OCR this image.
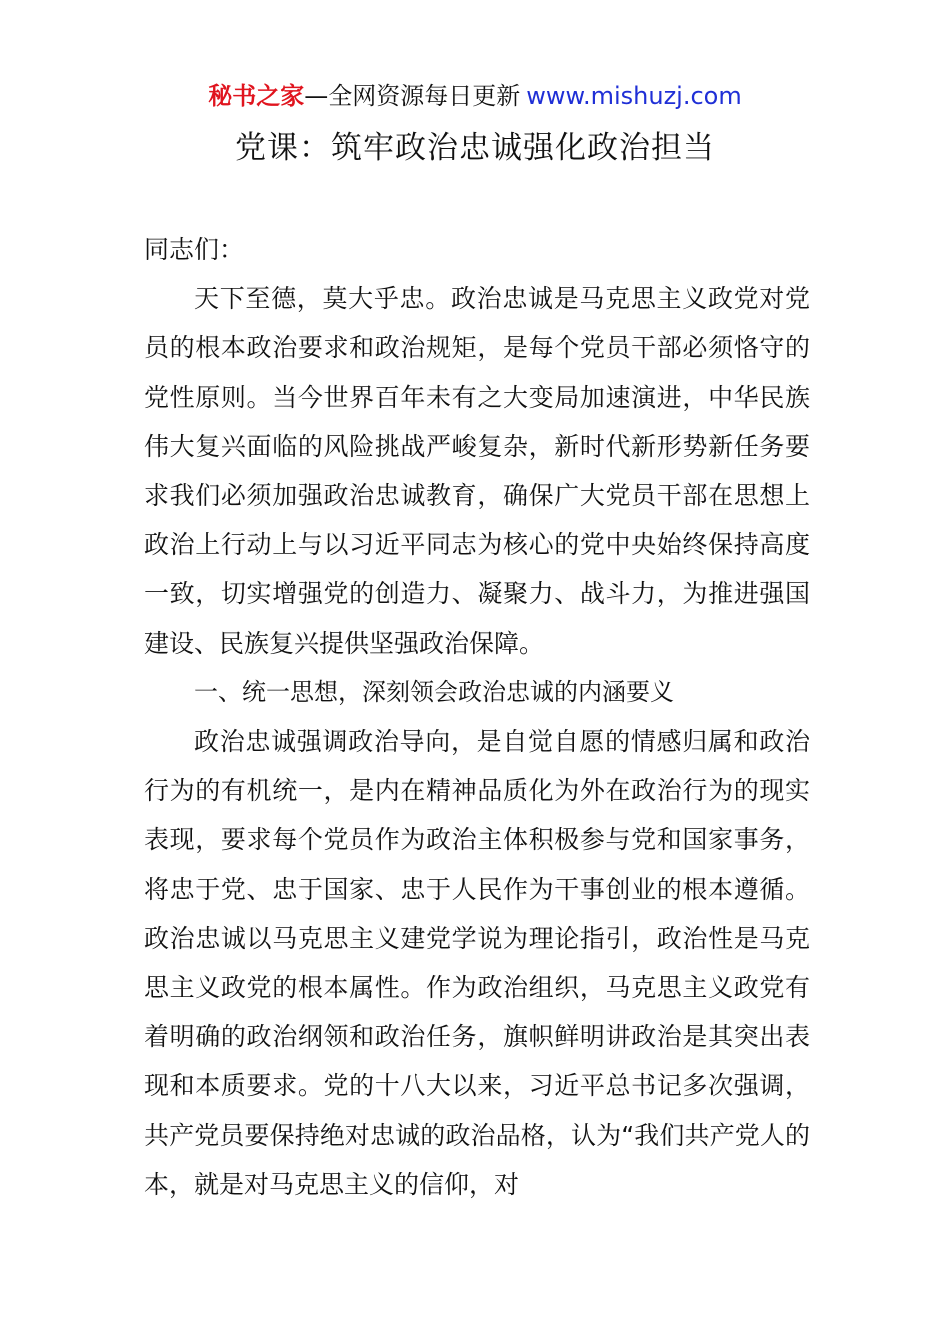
秘书之家—全网资源每日更新 www.mishuzj.com
党课：筑牢政治忠诚强化政治担当

同志们：

天下至德，莫大乎忠。政治忠诚是马克思主义政党对党员的根本政治要求和政治规矩，是每个党员干部必须恪守的党性原则。当今世界百年未有之大变局加速演进，中华民族伟大复兴面临的风险挑战严峻复杂，新时代新形势新任务要求我们必须加强政治忠诚教育，确保广大党员干部在思想上政治上行动上与以习近平同志为核心的党中央始终保持高度一致，切实增强党的创造力、凝聚力、战斗力，为推进强国建设、民族复兴提供坚强政治保障。

一、统一思想，深刻领会政治忠诚的内涵要义

政治忠诚强调政治导向，是自觉自愿的情感归属和政治行为的有机统一，是内在精神品质化为外在政治行为的现实表现，要求每个党员作为政治主体积极参与党和国家事务，将忠于党、忠于国家、忠于人民作为干事创业的根本遵循。政治忠诚以马克思主义建党学说为理论指引，政治性是马克思主义政党的根本属性。作为政治组织，马克思主义政党有着明确的政治纲领和政治任务，旗帜鲜明讲政治是其突出表现和本质要求。党的十八大以来，习近平总书记多次强调，共产党员要保持绝对忠诚的政治品格，认为“我们共产党人的本，就是对马克思主义的信仰，对
